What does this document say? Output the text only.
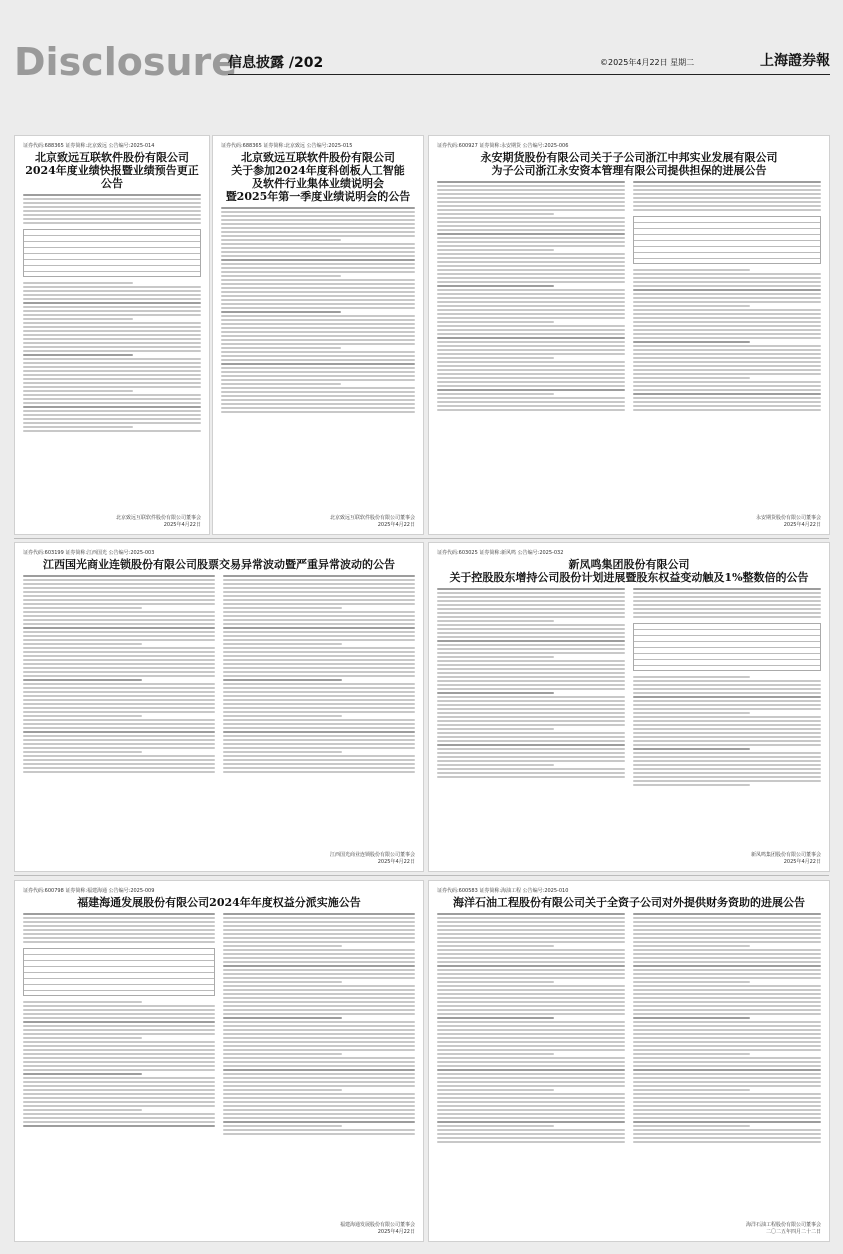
Disclosure
信息披露 /202	©2025年4月22日 星期二	上海證券報
证券代码:688365 证券简称:北京致远 公告编号:2025-014
北京致远互联软件股份有限公司
2024年度业绩快报暨业绩预告更正公告
北京致远互联软件股份有限公司董事会
2025年4月22日
证券代码:688365 证券简称:北京致远 公告编号:2025-015
北京致远互联软件股份有限公司
关于参加2024年度科创板人工智能
及软件行业集体业绩说明会
暨2025年第一季度业绩说明会的公告
北京致远互联软件股份有限公司董事会
2025年4月22日
证券代码:600927 证券简称:永安期货 公告编号:2025-006
永安期货股份有限公司关于子公司浙江中邦实业发展有限公司
为子公司浙江永安资本管理有限公司提供担保的进展公告
永安期货股份有限公司董事会
2025年4月22日
证券代码:603199 证券简称:江西国光 公告编号:2025-003
江西国光商业连锁股份有限公司股票交易异常波动暨严重异常波动的公告
江西国光商业连锁股份有限公司董事会
2025年4月22日
证券代码:603025 证券简称:新风鸣 公告编号:2025-032
新凤鸣集团股份有限公司
关于控股股东增持公司股份计划进展暨股东权益变动触及1%整数倍的公告
新凤鸣集团股份有限公司董事会
2025年4月22日
证券代码:600798 证券简称:福建海通 公告编号:2025-009
福建海通发展股份有限公司2024年年度权益分派实施公告
福建海通发展股份有限公司董事会
2025年4月22日
证券代码:600583 证券简称:海油工程 公告编号:2025-010
海洋石油工程股份有限公司关于全资子公司对外提供财务资助的进展公告
海洋石油工程股份有限公司董事会
二〇二五年四月二十二日
